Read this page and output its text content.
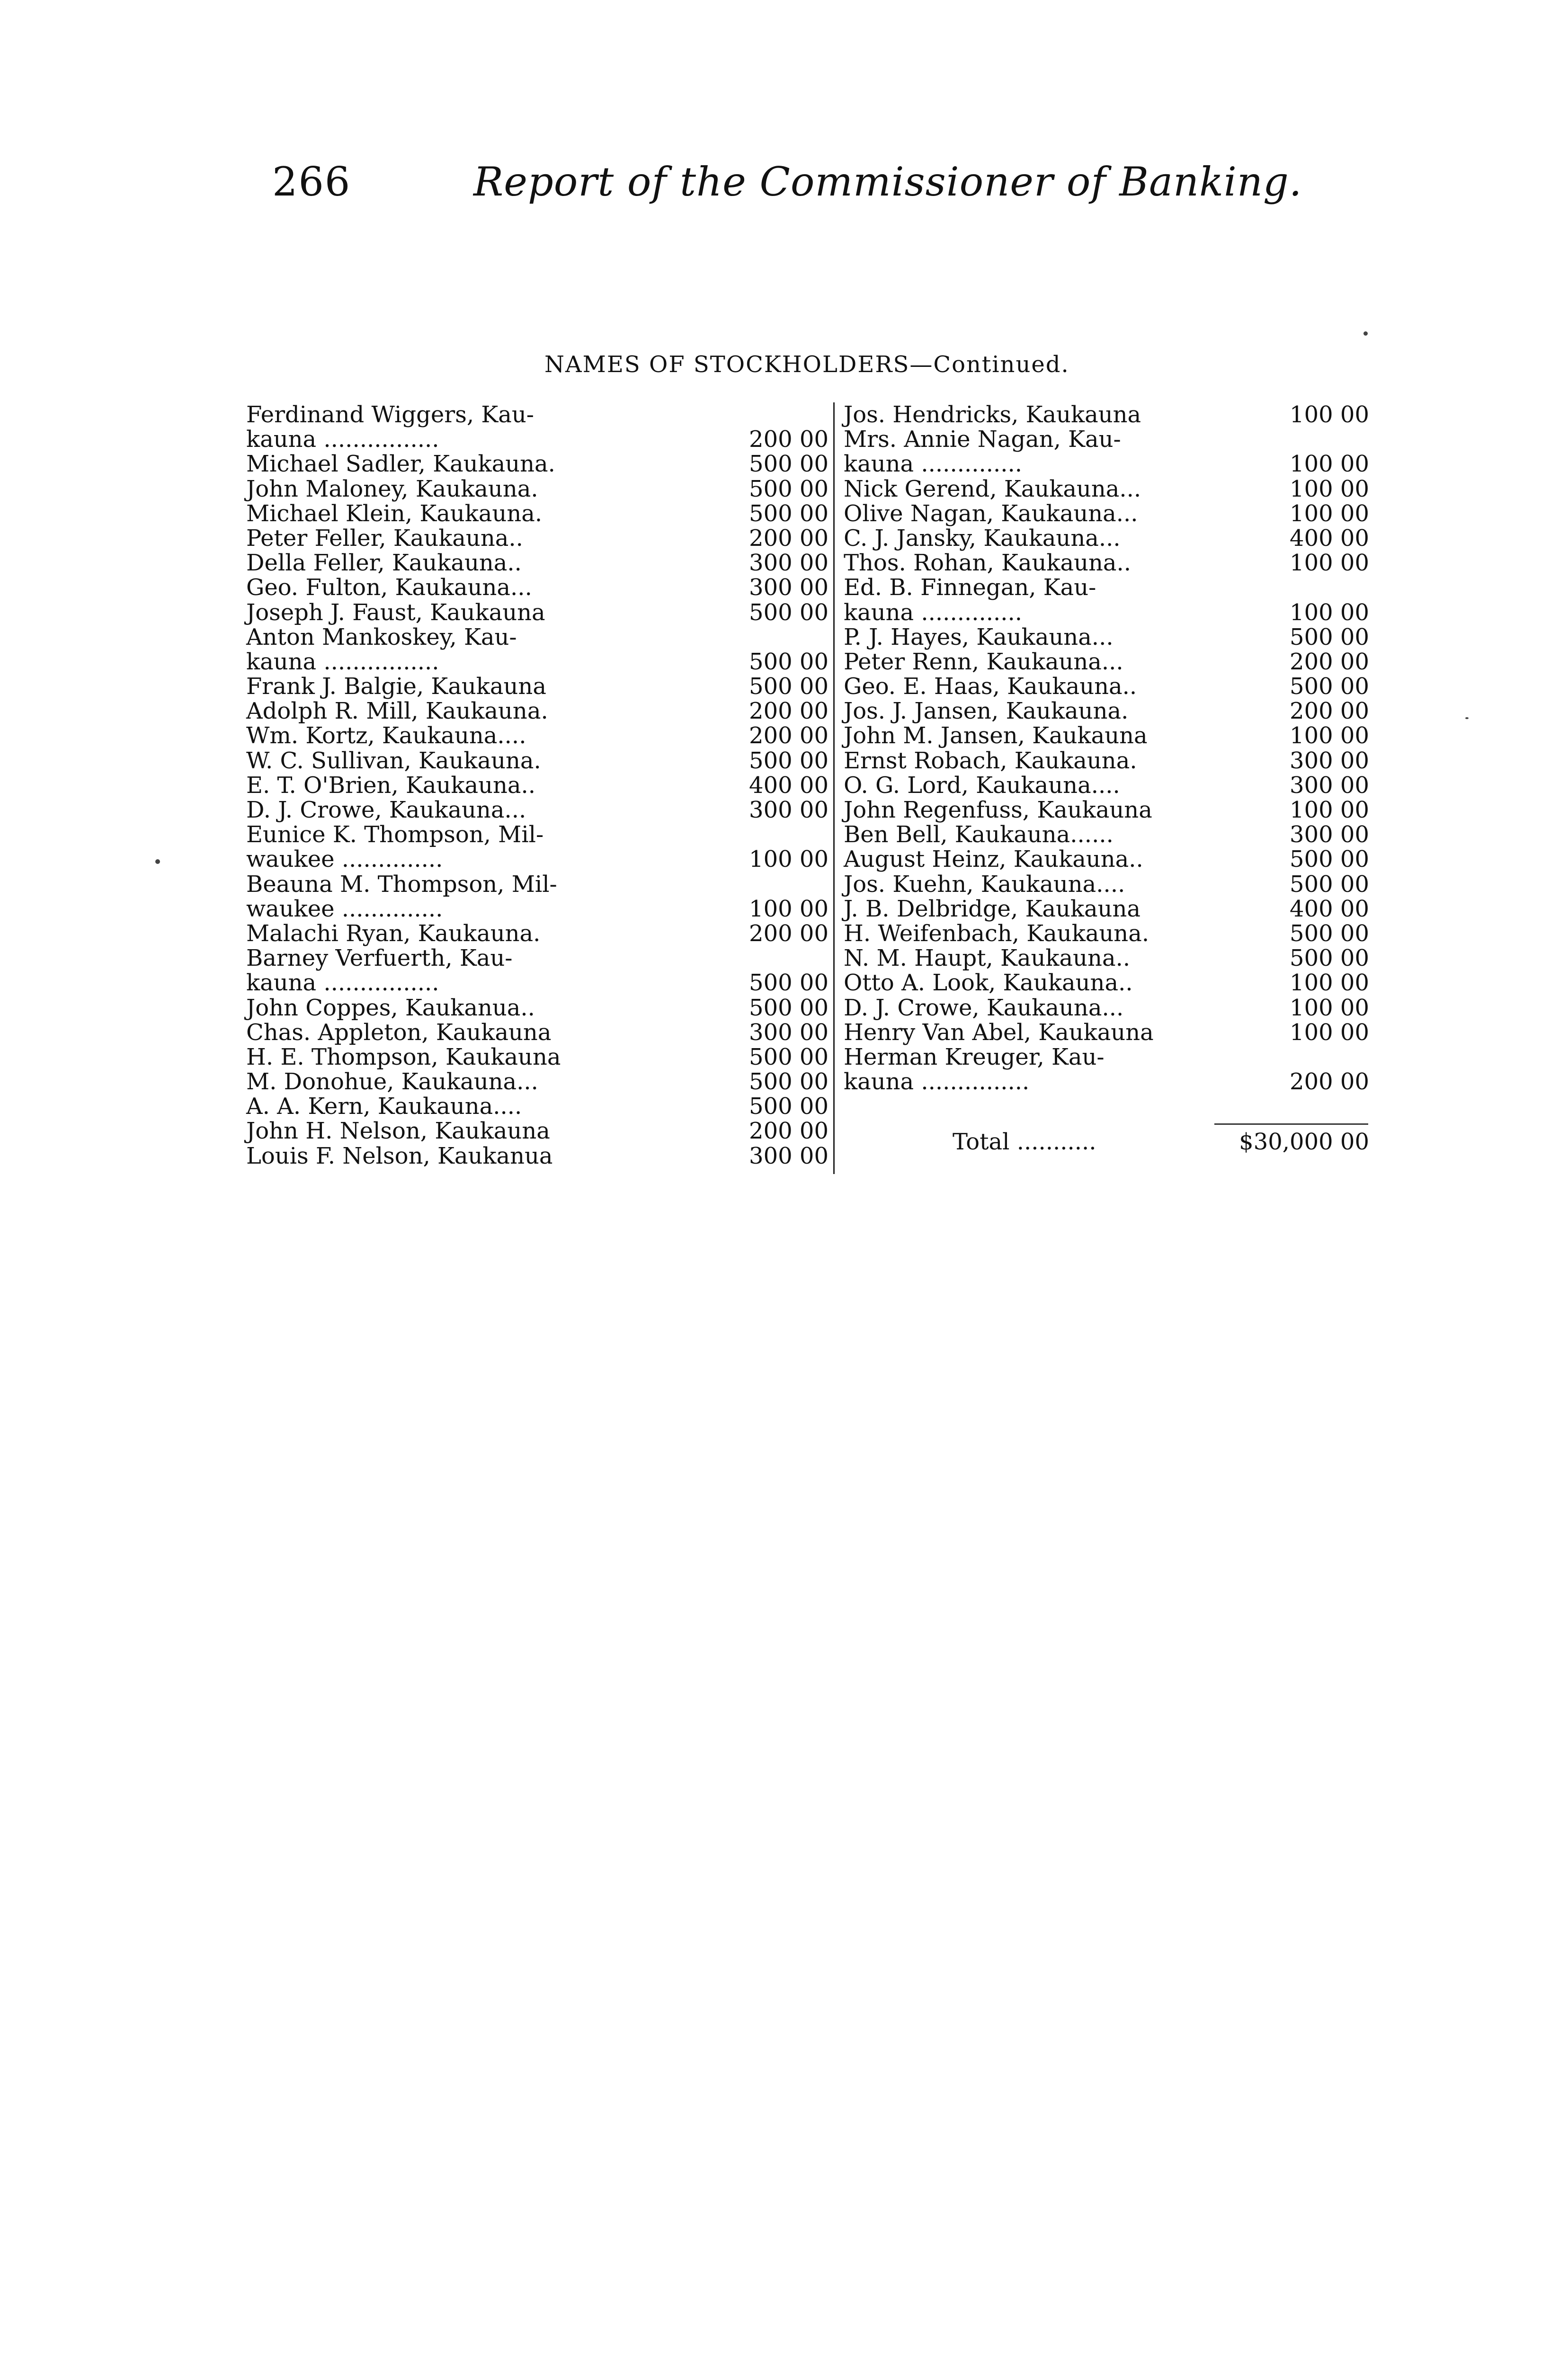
266	Report of the Commissioner of Banking.
NAMES OF STOCKHOLDERS—Continued.
Ferdinand Wiggers, Kau-
kauna ................	200 00
Michael Sadler, Kaukauna.	500 00
John Maloney, Kaukauna.	500 00
Michael Klein, Kaukauna.	500 00
Peter Feller, Kaukauna..	200 00
Della Feller, Kaukauna..	300 00
Geo. Fulton, Kaukauna...	300 00
Joseph J. Faust, Kaukauna	500 00
Anton Mankoskey, Kau-
kauna ................	500 00
Frank J. Balgie, Kaukauna	500 00
Adolph R. Mill, Kaukauna.	200 00
Wm. Kortz, Kaukauna....	200 00
W. C. Sullivan, Kaukauna.	500 00
E. T. O'Brien, Kaukauna..	400 00
D. J. Crowe, Kaukauna...	300 00
Eunice K. Thompson, Mil-
waukee ..............	100 00
Beauna M. Thompson, Mil-
waukee ..............	100 00
Malachi Ryan, Kaukauna.	200 00
Barney Verfuerth, Kau-
kauna ................	500 00
John Coppes, Kaukanua..	500 00
Chas. Appleton, Kaukauna	300 00
H. E. Thompson, Kaukauna	500 00
M. Donohue, Kaukauna...	500 00
A. A. Kern, Kaukauna....	500 00
John H. Nelson, Kaukauna	200 00
Louis F. Nelson, Kaukanua	300 00
Jos. Hendricks, Kaukauna	100 00
Mrs. Annie Nagan, Kau-
kauna ..............	100 00
Nick Gerend, Kaukauna...	100 00
Olive Nagan, Kaukauna...	100 00
C. J. Jansky, Kaukauna...	400 00
Thos. Rohan, Kaukauna..	100 00
Ed. B. Finnegan, Kau-
kauna ..............	100 00
P. J. Hayes, Kaukauna...	500 00
Peter Renn, Kaukauna...	200 00
Geo. E. Haas, Kaukauna..	500 00
Jos. J. Jansen, Kaukauna.	200 00
John M. Jansen, Kaukauna	100 00
Ernst Robach, Kaukauna.	300 00
O. G. Lord, Kaukauna....	300 00
John Regenfuss, Kaukauna	100 00
Ben Bell, Kaukauna......	300 00
August Heinz, Kaukauna..	500 00
Jos. Kuehn, Kaukauna....	500 00
J. B. Delbridge, Kaukauna	400 00
H. Weifenbach, Kaukauna.	500 00
N. M. Haupt, Kaukauna..	500 00
Otto A. Look, Kaukauna..	100 00
D. J. Crowe, Kaukauna...	100 00
Henry Van Abel, Kaukauna	100 00
Herman Kreuger, Kau-
kauna ...............	200 00
Total ...........	$30,000 00
